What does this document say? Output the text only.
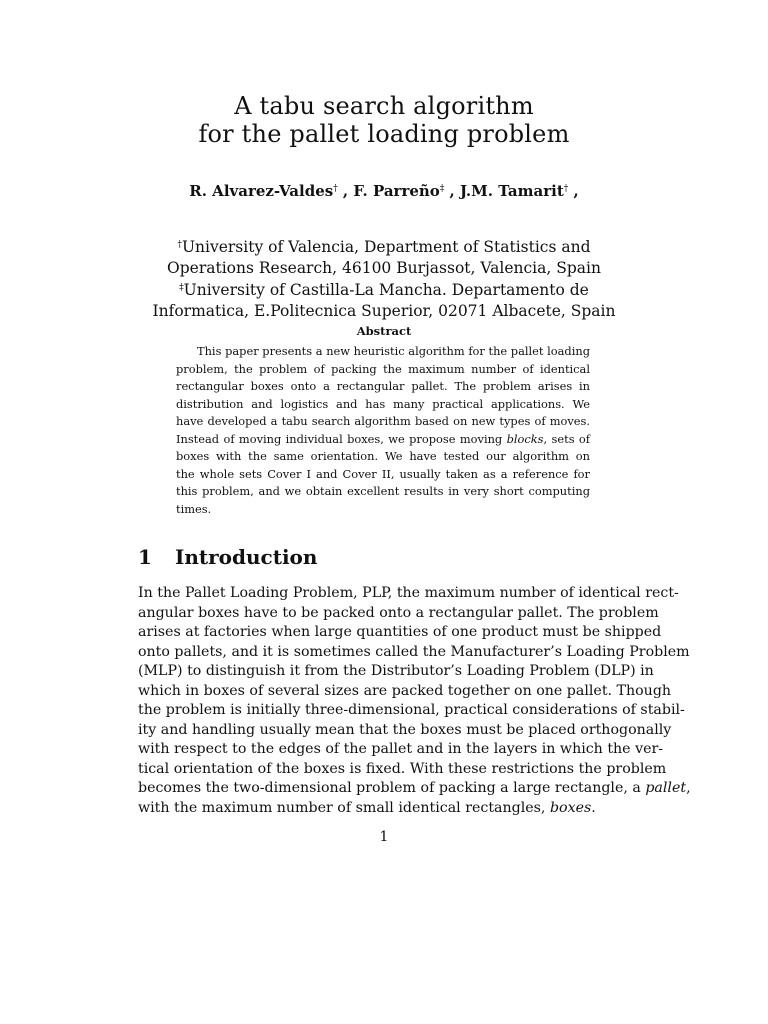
A tabu search algorithm
for the pallet loading problem
R. Alvarez-Valdes† , F. Parreño‡ , J.M. Tamarit† ,
†University of Valencia, Department of Statistics and
Operations Research, 46100 Burjassot, Valencia, Spain
‡University of Castilla-La Mancha. Departamento de
Informatica, E.Politecnica Superior, 02071 Albacete, Spain
Abstract
This paper presents a new heuristic algorithm for the pallet loading
problem, the problem of packing the maximum number of identical
rectangular boxes onto a rectangular pallet. The problem arises in
distribution and logistics and has many practical applications. We
have developed a tabu search algorithm based on new types of moves.
Instead of moving individual boxes, we propose moving blocks, sets of
boxes with the same orientation. We have tested our algorithm on
the whole sets Cover I and Cover II, usually taken as a reference for
this problem, and we obtain excellent results in very short computing
times.
1 Introduction
In the Pallet Loading Problem, PLP, the maximum number of identical rect-
angular boxes have to be packed onto a rectangular pallet. The problem
arises at factories when large quantities of one product must be shipped
onto pallets, and it is sometimes called the Manufacturer’s Loading Problem
(MLP) to distinguish it from the Distributor’s Loading Problem (DLP) in
which in boxes of several sizes are packed together on one pallet. Though
the problem is initially three-dimensional, practical considerations of stabil-
ity and handling usually mean that the boxes must be placed orthogonally
with respect to the edges of the pallet and in the layers in which the ver-
tical orientation of the boxes is fixed. With these restrictions the problem
becomes the two-dimensional problem of packing a large rectangle, a pallet,
with the maximum number of small identical rectangles, boxes.
1
